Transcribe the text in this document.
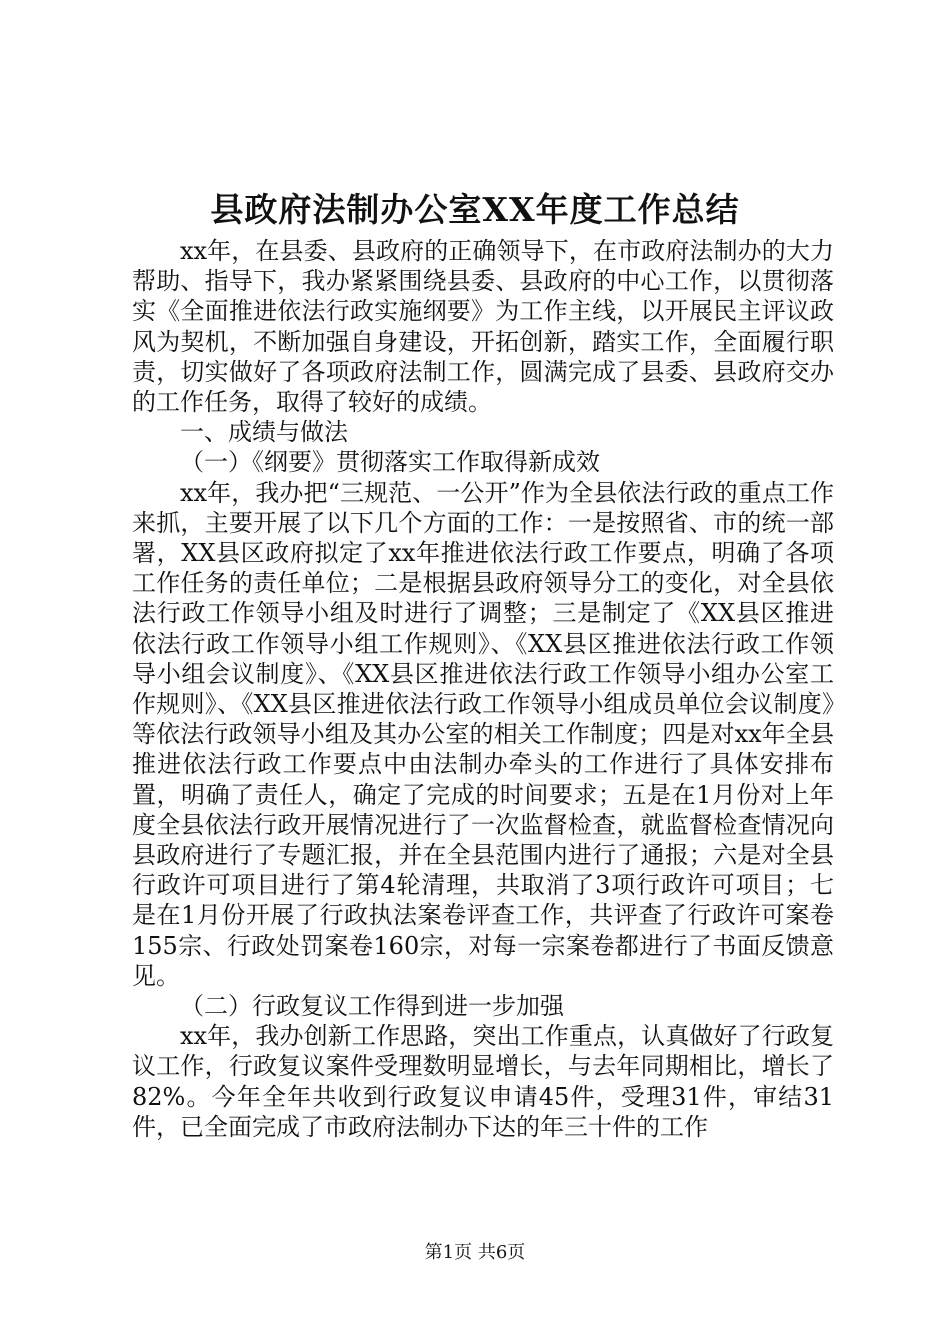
县政府法制办公室XX年度工作总结

xx年，在县委、县政府的正确领导下，在市政府法制办的大力帮助、指导下，我办紧紧围绕县委、县政府的中心工作，以贯彻落实《全面推进依法行政实施纲要》为工作主线，以开展民主评议政风为契机，不断加强自身建设，开拓创新，踏实工作，全面履行职责，切实做好了各项政府法制工作，圆满完成了县委、县政府交办的工作任务，取得了较好的成绩。

一、成绩与做法

（一）《纲要》贯彻落实工作取得新成效

xx年，我办把“三规范、一公开”作为全县依法行政的重点工作来抓，主要开展了以下几个方面的工作：一是按照省、市的统一部署，XX县区政府拟定了xx年推进依法行政工作要点，明确了各项工作任务的责任单位；二是根据县政府领导分工的变化，对全县依法行政工作领导小组及时进行了调整；三是制定了《XX县区推进依法行政工作领导小组工作规则》、《XX县区推进依法行政工作领导小组会议制度》、《XX县区推进依法行政工作领导小组办公室工作规则》、《XX县区推进依法行政工作领导小组成员单位会议制度》等依法行政领导小组及其办公室的相关工作制度；四是对xx年全县推进依法行政工作要点中由法制办牵头的工作进行了具体安排布置，明确了责任人，确定了完成的时间要求；五是在1月份对上年度全县依法行政开展情况进行了一次监督检查，就监督检查情况向县政府进行了专题汇报，并在全县范围内进行了通报；六是对全县行政许可项目进行了第4轮清理，共取消了3项行政许可项目；七是在1月份开展了行政执法案卷评查工作，共评查了行政许可案卷155宗、行政处罚案卷160宗，对每一宗案卷都进行了书面反馈意见。

（二）行政复议工作得到进一步加强

xx年，我办创新工作思路，突出工作重点，认真做好了行政复议工作，行政复议案件受理数明显增长，与去年同期相比，增长了82%。今年全年共收到行政复议申请45件，受理31件，审结31件，已全面完成了市政府法制办下达的年三十件的工作

第1页 共6页
